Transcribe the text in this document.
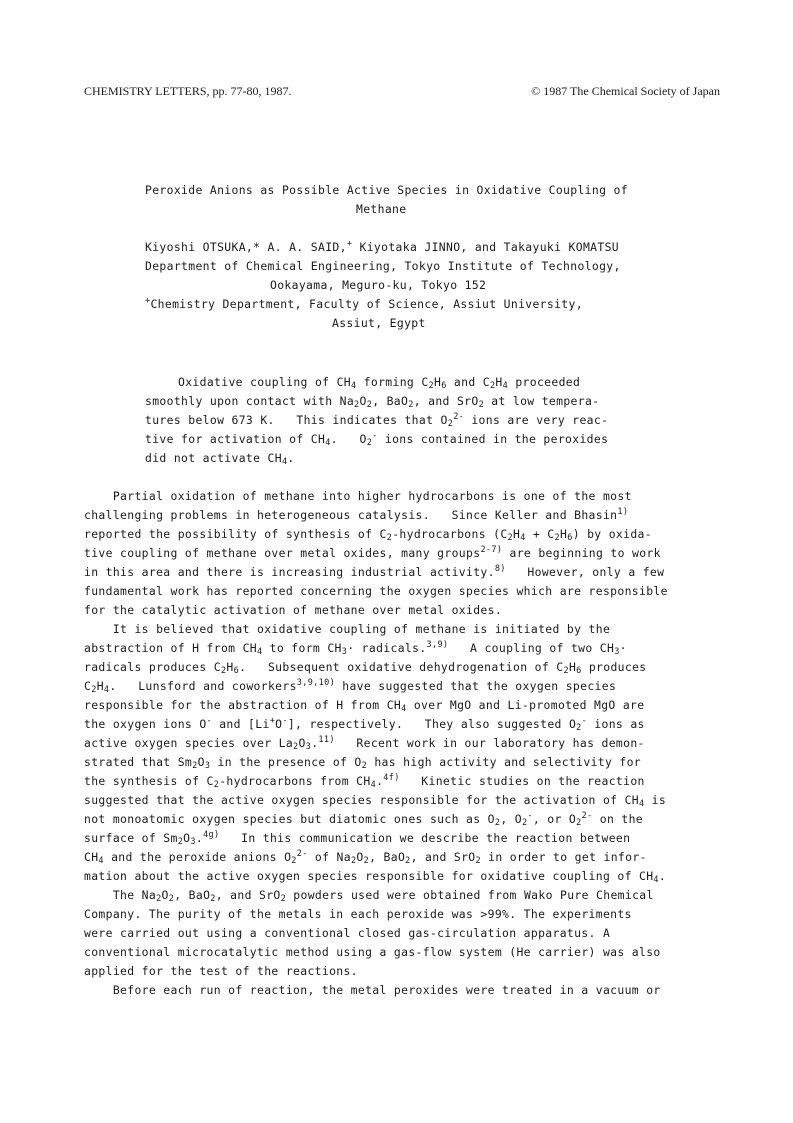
CHEMISTRY LETTERS, pp. 77-80, 1987.	© 1987 The Chemical Society of Japan
Peroxide Anions as Possible Active Species in Oxidative Coupling of
Methane
Kiyoshi OTSUKA,* A. A. SAID,+ Kiyotaka JINNO, and Takayuki KOMATSU
Department of Chemical Engineering, Tokyo Institute of Technology,
Ookayama, Meguro-ku, Tokyo 152
+Chemistry Department, Faculty of Science, Assiut University,
Assiut, Egypt
Oxidative coupling of $CH_4$ forming $C_2H_6$ and $C_2H_4$ proceeded
smoothly upon contact with $Na_2O_2$, BaO$_2$, and SrO$_2$ at low tempera-
tures below 673 K.   This indicates that $O_2^{2-}$ ions are very reac-
tive for activation of $CH_4$.   $O_2^-$ ions contained in the peroxides
did not activate $CH_4$.
Partial oxidation of methane into higher hydrocarbons is one of the most
challenging problems in heterogeneous catalysis.   Since Keller and Bhasin$^{1)}$
reported the possibility of synthesis of $C_2$-hydrocarbons $(C_2H_4 + C_2H_6)$ by oxida-
tive coupling of methane over metal oxides, many groups$^{2-7)}$ are beginning to work
in this area and there is increasing industrial activity.$^{8)}$   However, only a few
fundamental work has reported concerning the oxygen species which are responsible
for the catalytic activation of methane over metal oxides.
It is believed that oxidative coupling of methane is initiated by the
abstraction of H from $CH_4$ to form $CH_3\cdot$ radicals.$^{3,9)}$   A coupling of two $CH_3\cdot$
radicals produces $C_2H_6$.   Subsequent oxidative dehydrogenation of $C_2H_6$ produces
$C_2H_4$.   Lunsford and coworkers$^{3,9,10)}$ have suggested that the oxygen species
responsible for the abstraction of H from $CH_4$ over MgO and Li-promoted MgO are
the oxygen ions O- and [Li+O-], respectively.   They also suggested $O_2^-$ ions as
active oxygen species over $La_2O_3.^{11)}$   Recent work in our laboratory has demon-
strated that $Sm_2O_3$ in the presence of $O_2$ has high activity and selectivity for
the synthesis of $C_2$-hydrocarbons from $CH_4.^{4f)}$   Kinetic studies on the reaction
suggested that the active oxygen species responsible for the activation of $CH_4$ is
not monoatomic oxygen species but diatomic ones such as $O_2$, $O_2^-$, or $O_2^{2-}$ on the
surface of $Sm_2O_3.^{4g)}$   In this communication we describe the reaction between
$CH_4$ and the peroxide anions $O_2^{2-}$ of $Na_2O_2$, BaO$_2$, and SrO$_2$ in order to get infor-
mation about the active oxygen species responsible for oxidative coupling of $CH_4$.
The $Na_2O_2$, BaO$_2$, and SrO$_2$ powders used were obtained from Wako Pure Chemical
Company. The purity of the metals in each peroxide was >99%. The experiments
were carried out using a conventional closed gas-circulation apparatus. A
conventional microcatalytic method using a gas-flow system (He carrier) was also
applied for the test of the reactions.
Before each run of reaction, the metal peroxides were treated in a vacuum or
